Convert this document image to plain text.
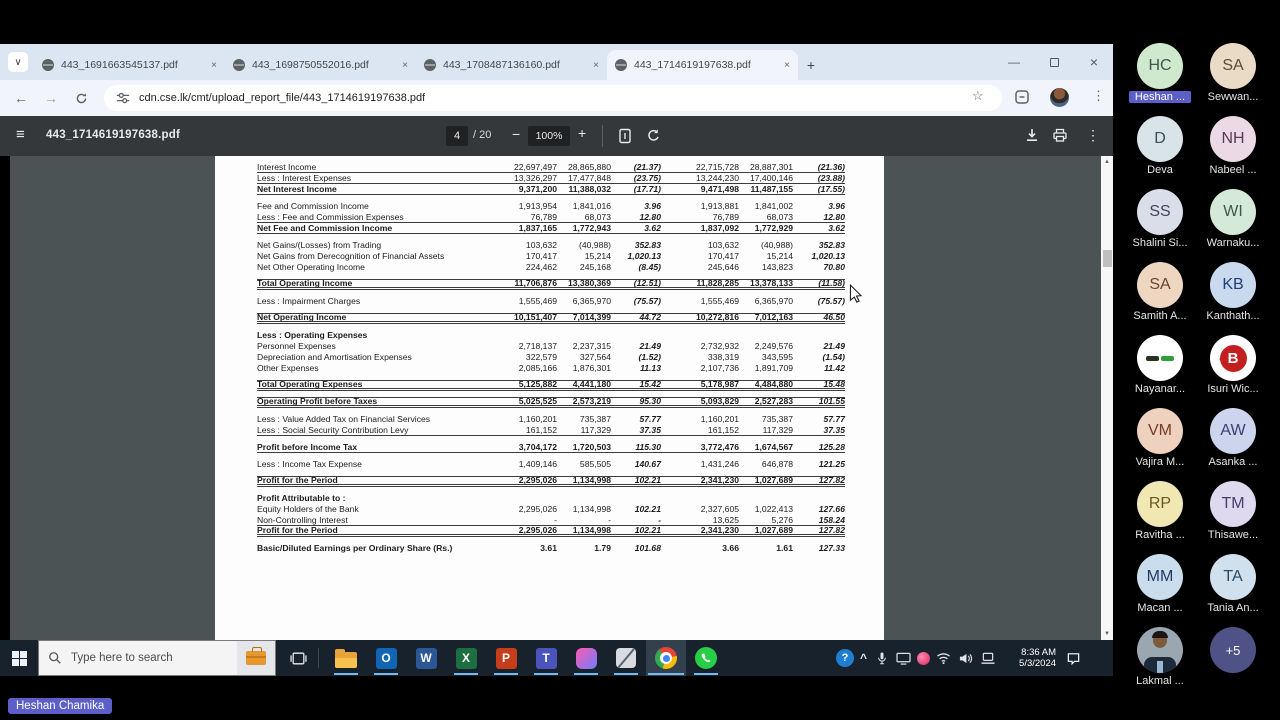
∨	443_1691663545137.pdf	×	443_1698750552016.pdf	×	443_1708487136160.pdf	×	443_1714619197638.pdf	×	+	—	×
← →	cdn.cse.lk/cmt/upload_report_file/443_1714619197638.pdf	☆	⋮
≡ 443_1714619197638.pdf	4	/ 20 −	100%	+	⋮
Interest Income	22,697,497	28,865,880	(21.37)	22,715,728	28,887,301	(21.36)
Less : Interest Expenses	13,326,297	17,477,848	(23.75)	13,244,230	17,400,146	(23.88)
Net Interest Income	9,371,200	11,388,032	(17.71)	9,471,498	11,487,155	(17.55)
Fee and Commission Income	1,913,954	1,841,016	3.96	1,913,881	1,841,002	3.96
Less : Fee and Commission Expenses	76,789	68,073	12.80	76,789	68,073	12.80
Net Fee and Commission Income	1,837,165	1,772,943	3.62	1,837,092	1,772,929	3.62
Net Gains/(Losses) from Trading	103,632	(40,988)	352.83	103,632	(40,988)	352.83
Net Gains from Derecognition of Financial Assets	170,417	15,214	1,020.13	170,417	15,214	1,020.13
Net Other Operating Income	224,462	245,168	(8.45)	245,646	143,823	70.80
Total Operating Income	11,706,876	13,380,369	(12.51)	11,828,285	13,378,133	(11.58)
Less : Impairment Charges	1,555,469	6,365,970	(75.57)	1,555,469	6,365,970	(75.57)
Net Operating Income	10,151,407	7,014,399	44.72	10,272,816	7,012,163	46.50
Less : Operating Expenses
Personnel Expenses	2,718,137	2,237,315	21.49	2,732,932	2,249,576	21.49
Depreciation and Amortisation Expenses	322,579	327,564	(1.52)	338,319	343,595	(1.54)
Other Expenses	2,085,166	1,876,301	11.13	2,107,736	1,891,709	11.42
Total Operating Expenses	5,125,882	4,441,180	15.42	5,178,987	4,484,880	15.48
Operating Profit before Taxes	5,025,525	2,573,219	95.30	5,093,829	2,527,283	101.55
Less : Value Added Tax on Financial Services	1,160,201	735,387	57.77	1,160,201	735,387	57.77
Less : Social Security Contribution Levy	161,152	117,329	37.35	161,152	117,329	37.35
Profit before Income Tax	3,704,172	1,720,503	115.30	3,772,476	1,674,567	125.28
Less : Income Tax Expense	1,409,146	585,505	140.67	1,431,246	646,878	121.25
Profit for the Period	2,295,026	1,134,998	102.21	2,341,230	1,027,689	127.82
Profit Attributable to :
Equity Holders of the Bank	2,295,026	1,134,998	102.21	2,327,605	1,022,413	127.66
Non-Controlling Interest	-	-	-	13,625	5,276	158.24
Profit for the Period	2,295,026	1,134,998	102.21	2,341,230	1,027,689	127.82
Basic/Diluted Earnings per Ordinary Share (Rs.)	3.61	1.79	101.68	3.66	1.61	127.33
▲
▼
Type here to search	O	W	X	P	T	? ^	8:36 AM
5/3/2024
HC
Heshan ...
SA
Sewwan...
D
Deva
NH
Nabeel ...
SS
Shalini Si...
WI
Warnaku...
SA
Samith A...
KB
Kanthath...
Nayanar...
B
Isuri Wic...
VM
Vajira M...
AW
Asanka ...
RP
Ravitha ...
TM
Thisawe...
MM
Macan ...
TA
Tania An...
Lakmal ...
+5
Heshan Chamika
